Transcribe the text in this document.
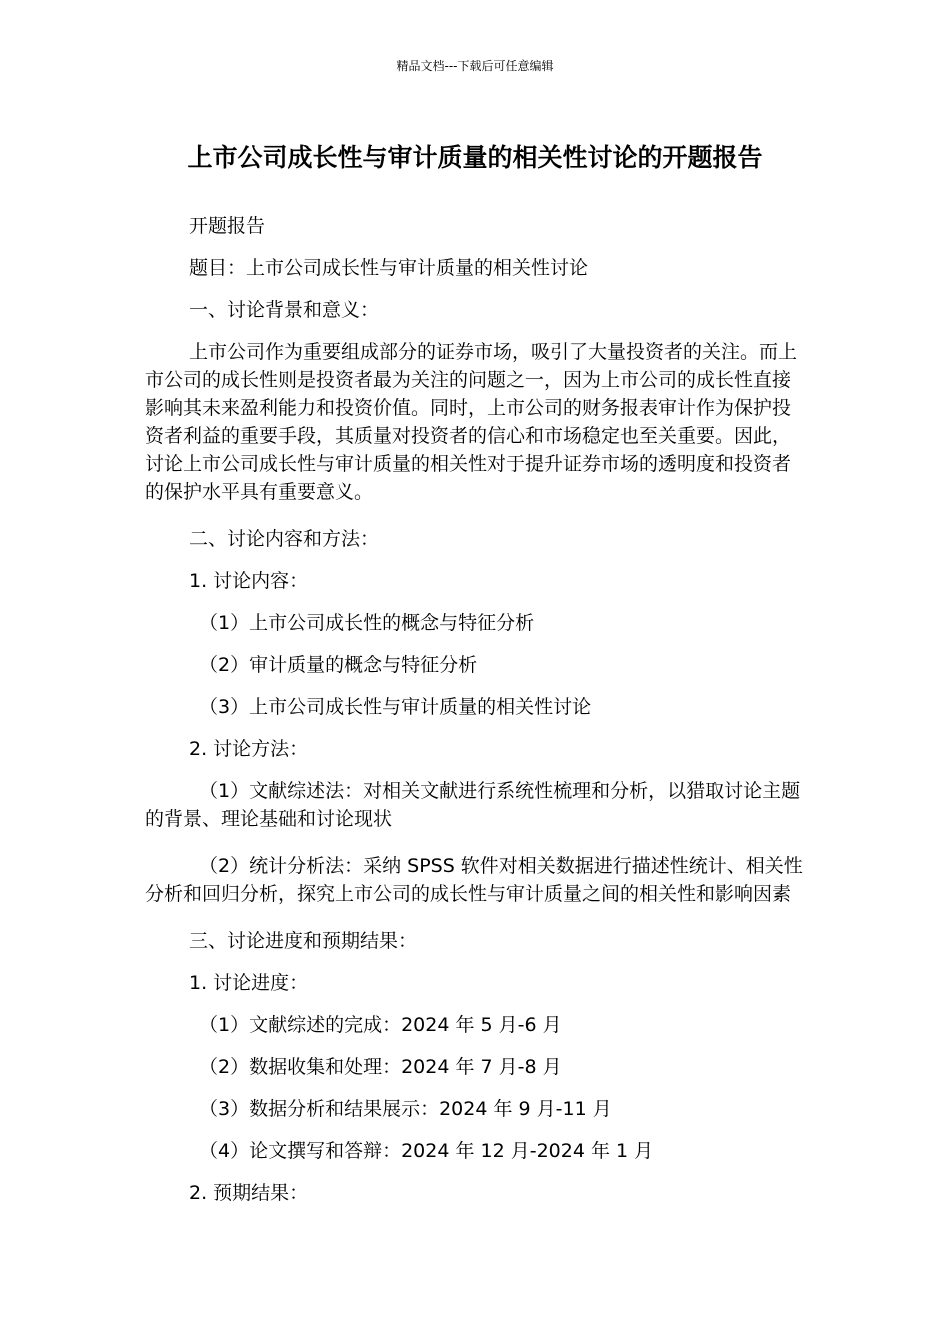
精品文档---下载后可任意编辑
上市公司成长性与审计质量的相关性讨论的开题报告

开题报告

题目：上市公司成长性与审计质量的相关性讨论

一、讨论背景和意义：

上市公司作为重要组成部分的证券市场，吸引了大量投资者的关注。而上市公司的成长性则是投资者最为关注的问题之一，因为上市公司的成长性直接影响其未来盈利能力和投资价值。同时，上市公司的财务报表审计作为保护投资者利益的重要手段，其质量对投资者的信心和市场稳定也至关重要。因此，讨论上市公司成长性与审计质量的相关性对于提升证券市场的透明度和投资者的保护水平具有重要意义。

二、讨论内容和方法：

1. 讨论内容：

（1）上市公司成长性的概念与特征分析

（2）审计质量的概念与特征分析

（3）上市公司成长性与审计质量的相关性讨论

2. 讨论方法：

（1）文献综述法：对相关文献进行系统性梳理和分析，以猎取讨论主题的背景、理论基础和讨论现状

（2）统计分析法：采纳 SPSS 软件对相关数据进行描述性统计、相关性分析和回归分析，探究上市公司的成长性与审计质量之间的相关性和影响因素

三、讨论进度和预期结果：

1. 讨论进度：

（1）文献综述的完成：2024 年 5 月-6 月

（2）数据收集和处理：2024 年 7 月-8 月

（3）数据分析和结果展示：2024 年 9 月-11 月

（4）论文撰写和答辩：2024 年 12 月-2024 年 1 月

2. 预期结果：
